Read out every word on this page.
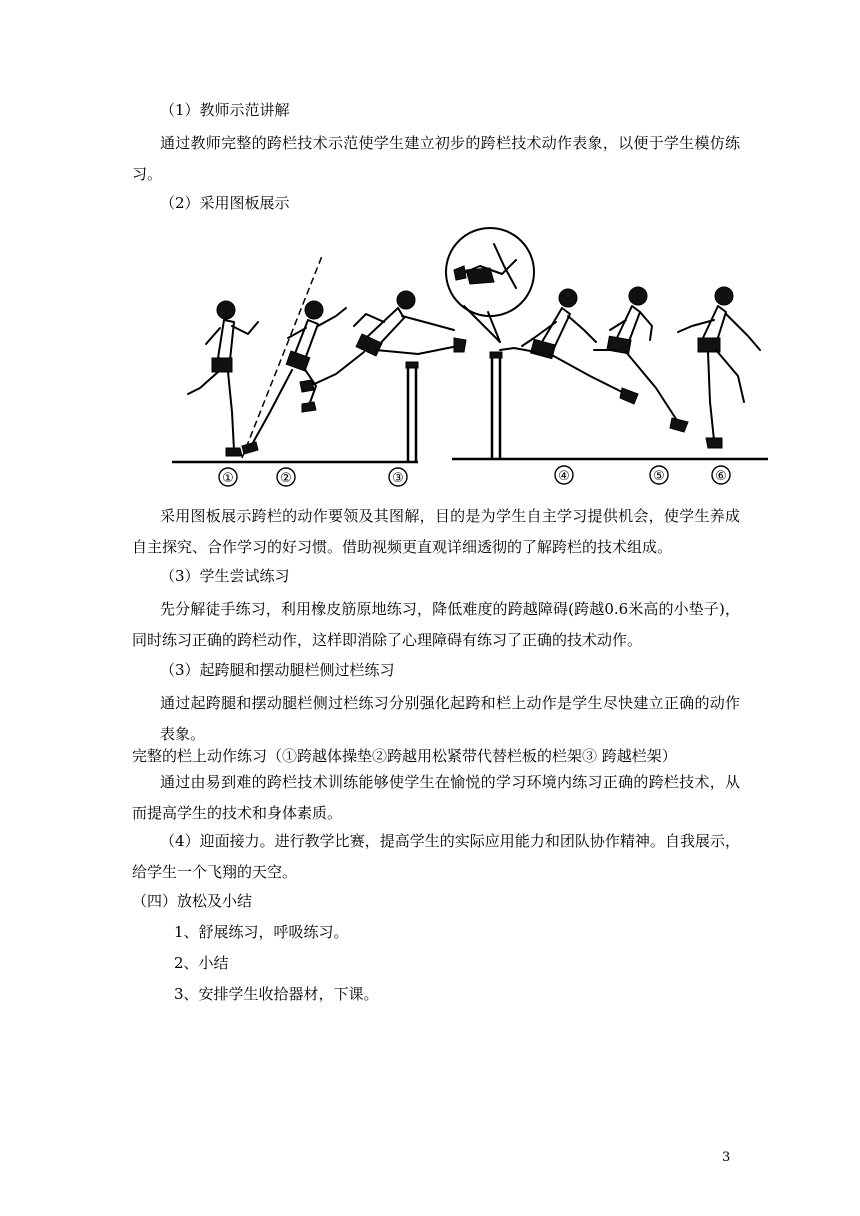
（1）教师示范讲解
通过教师完整的跨栏技术示范使学生建立初步的跨栏技术动作表象，以便于学生模仿练习。
（2）采用图板展示
①	②	③	④	⑤	⑥
采用图板展示跨栏的动作要领及其图解，目的是为学生自主学习提供机会，使学生养成自主探究、合作学习的好习惯。借助视频更直观详细透彻的了解跨栏的技术组成。
（3）学生尝试练习
先分解徒手练习，利用橡皮筋原地练习，降低难度的跨越障碍(跨越0.6米高的小垫子)，同时练习正确的跨栏动作，这样即消除了心理障碍有练习了正确的技术动作。
（3）起跨腿和摆动腿栏侧过栏练习
通过起跨腿和摆动腿栏侧过栏练习分别强化起跨和栏上动作是学生尽快建立正确的动作表象。
完整的栏上动作练习（①跨越体操垫②跨越用松紧带代替栏板的栏架③ 跨越栏架）
通过由易到难的跨栏技术训练能够使学生在愉悦的学习环境内练习正确的跨栏技术，从而提高学生的技术和身体素质。
（4）迎面接力。进行教学比赛，提高学生的实际应用能力和团队协作精神。自我展示，给学生一个飞翔的天空。
（四）放松及小结
1、舒展练习，呼吸练习。
2、小结
3、安排学生收拾器材，下课。
3
